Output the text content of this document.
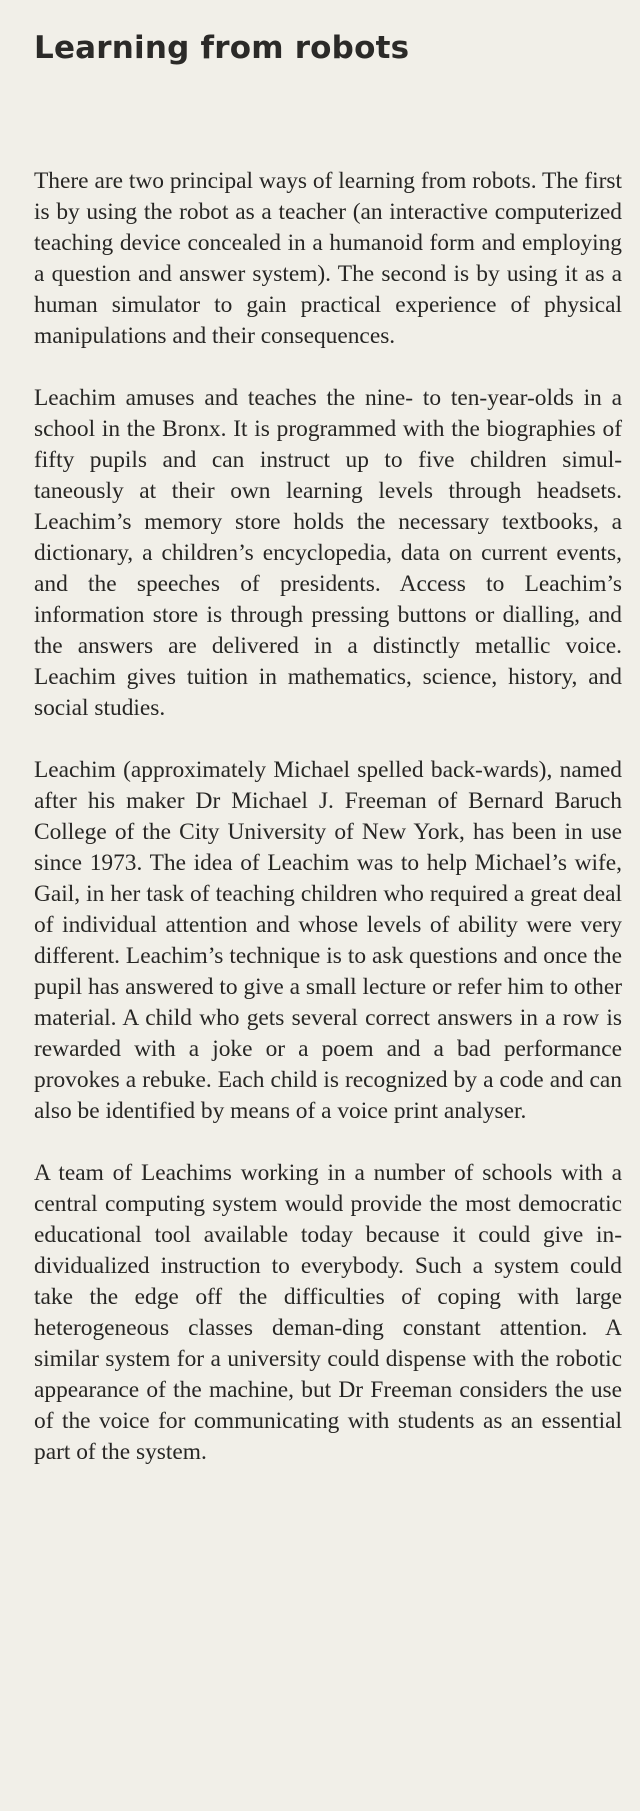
Learning from robots

There are two principal ways of learning from robots. The first is by using the robot as a teacher (an interactive computerized teaching device concealed in a humanoid form and employing a question and answer system). The second is by using it as a human simulator to gain practical experience of physical manipulations and their consequences.

Leachim amuses and teaches the nine- to ten-year-olds in a school in the Bronx. It is programmed with the biographies of fifty pupils and can instruct up to five children simul-taneously at their own learning levels through headsets. Leachim’s memory store holds the necessary textbooks, a dictionary, a children’s encyclopedia, data on current events, and the speeches of presidents. Access to Leachim’s information store is through pressing buttons or dialling, and the answers are delivered in a distinctly metallic voice. Leachim gives tuition in mathematics, science, history, and social studies.

Leachim (approximately Michael spelled back-wards), named after his maker Dr Michael J. Freeman of Bernard Baruch College of the City University of New York, has been in use since 1973. The idea of Leachim was to help Michael’s wife, Gail, in her task of teaching children who required a great deal of individual attention and whose levels of ability were very different. Leachim’s technique is to ask questions and once the pupil has answered to give a small lecture or refer him to other material. A child who gets several correct answers in a row is rewarded with a joke or a poem and a bad performance provokes a rebuke. Each child is recognized by a code and can also be identified by means of a voice print analyser.

A team of Leachims working in a number of schools with a central computing system would provide the most democratic educational tool available today because it could give in-dividualized instruction to everybody. Such a system could take the edge off the difficulties of coping with large heterogeneous classes deman-ding constant attention. A similar system for a university could dispense with the robotic appearance of the machine, but Dr Freeman considers the use of the voice for communicating with students as an essential part of the system.
